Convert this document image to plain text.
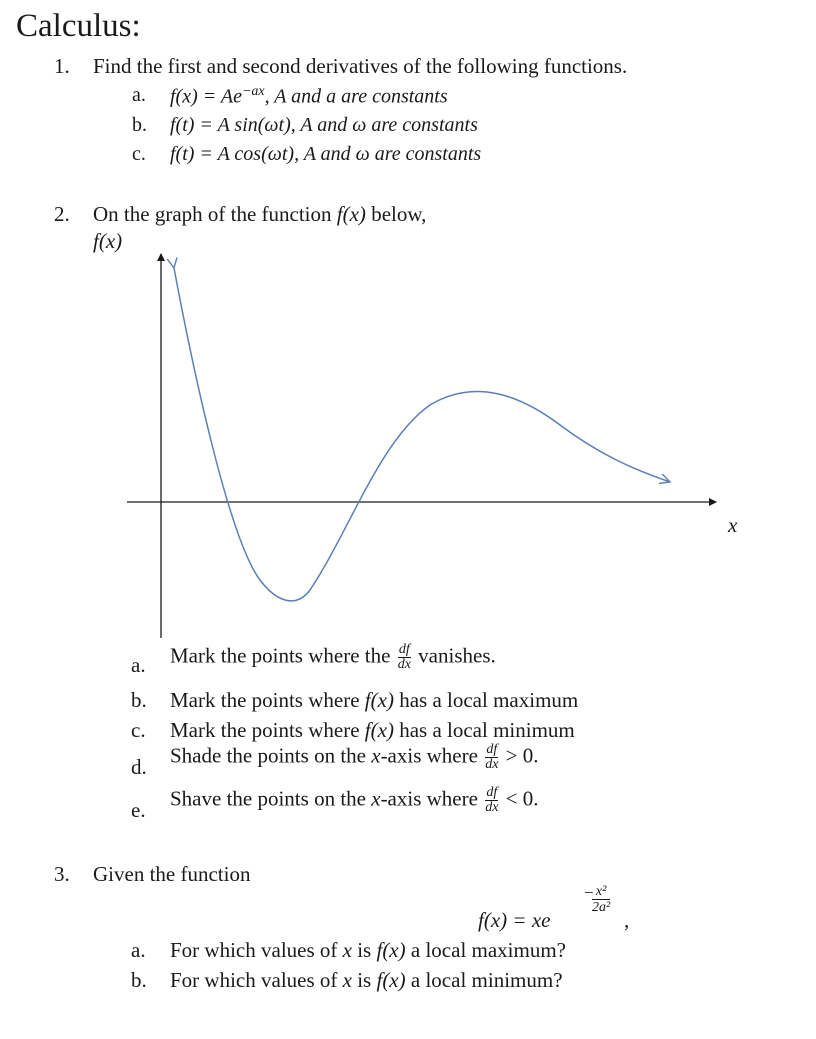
Calculus:
1. Find the first and second derivatives of the following functions.
a. $f(x) = Ae^{-ax}$, A and a are constants
b. f(t) = A sin(ωt), A and ω are constants
c. f(t) = A cos(ωt), A and ω are constants
2. On the graph of the function f(x) below,
f(x)
x
a. Mark the points where the $\frac{df}{dx}$ vanishes.
b. Mark the points where f(x) has a local maximum
c. Mark the points where f(x) has a local minimum
d. Shade the points on the x-axis where $\frac{df}{dx} > 0$.
e. Shave the points on the x-axis where $\frac{df}{dx} < 0$.
3. Given the function
f(x) = xe
− x²
2a²
,
a. For which values of x is f(x) a local maximum?
b. For which values of x is f(x) a local minimum?
